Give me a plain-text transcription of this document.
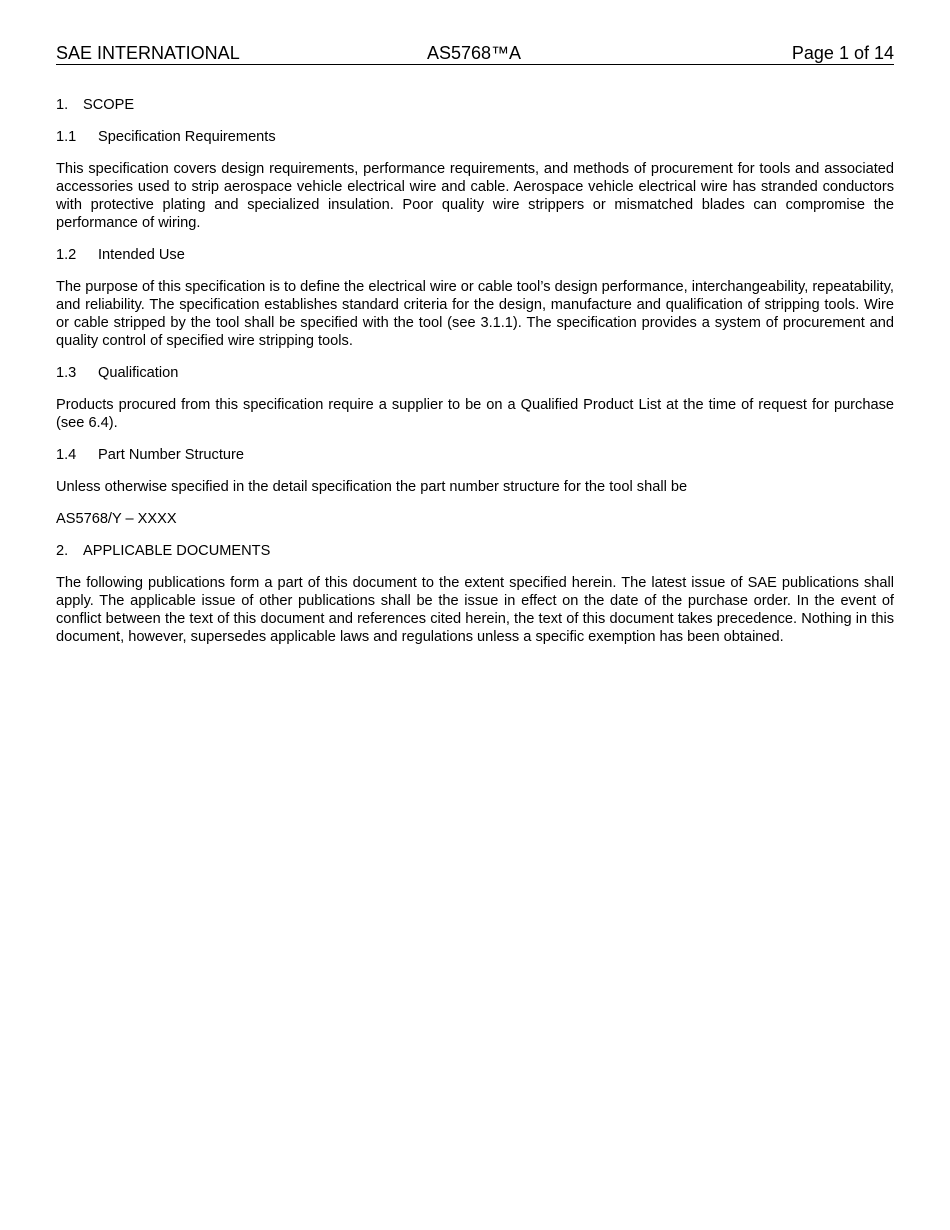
SAE INTERNATIONAL	AS5768™A	Page 1 of 14
1. SCOPE
1.1 Specification Requirements

This specification covers design requirements, performance requirements, and methods of procurement for tools and associated accessories used to strip aerospace vehicle electrical wire and cable. Aerospace vehicle electrical wire has stranded conductors with protective plating and specialized insulation. Poor quality wire strippers or mismatched blades can compromise the performance of wiring.

1.2 Intended Use

The purpose of this specification is to define the electrical wire or cable tool’s design performance, interchangeability, repeatability, and reliability. The specification establishes standard criteria for the design, manufacture and qualification of stripping tools. Wire or cable stripped by the tool shall be specified with the tool (see 3.1.1). The specification provides a system of procurement and quality control of specified wire stripping tools.

1.3 Qualification

Products procured from this specification require a supplier to be on a Qualified Product List at the time of request for purchase (see 6.4).

1.4 Part Number Structure

Unless otherwise specified in the detail specification the part number structure for the tool shall be

AS5768/Y – XXXX

2. APPLICABLE DOCUMENTS

The following publications form a part of this document to the extent specified herein. The latest issue of SAE publications shall apply. The applicable issue of other publications shall be the issue in effect on the date of the purchase order. In the event of conflict between the text of this document and references cited herein, the text of this document takes precedence. Nothing in this document, however, supersedes applicable laws and regulations unless a specific exemption has been obtained.
